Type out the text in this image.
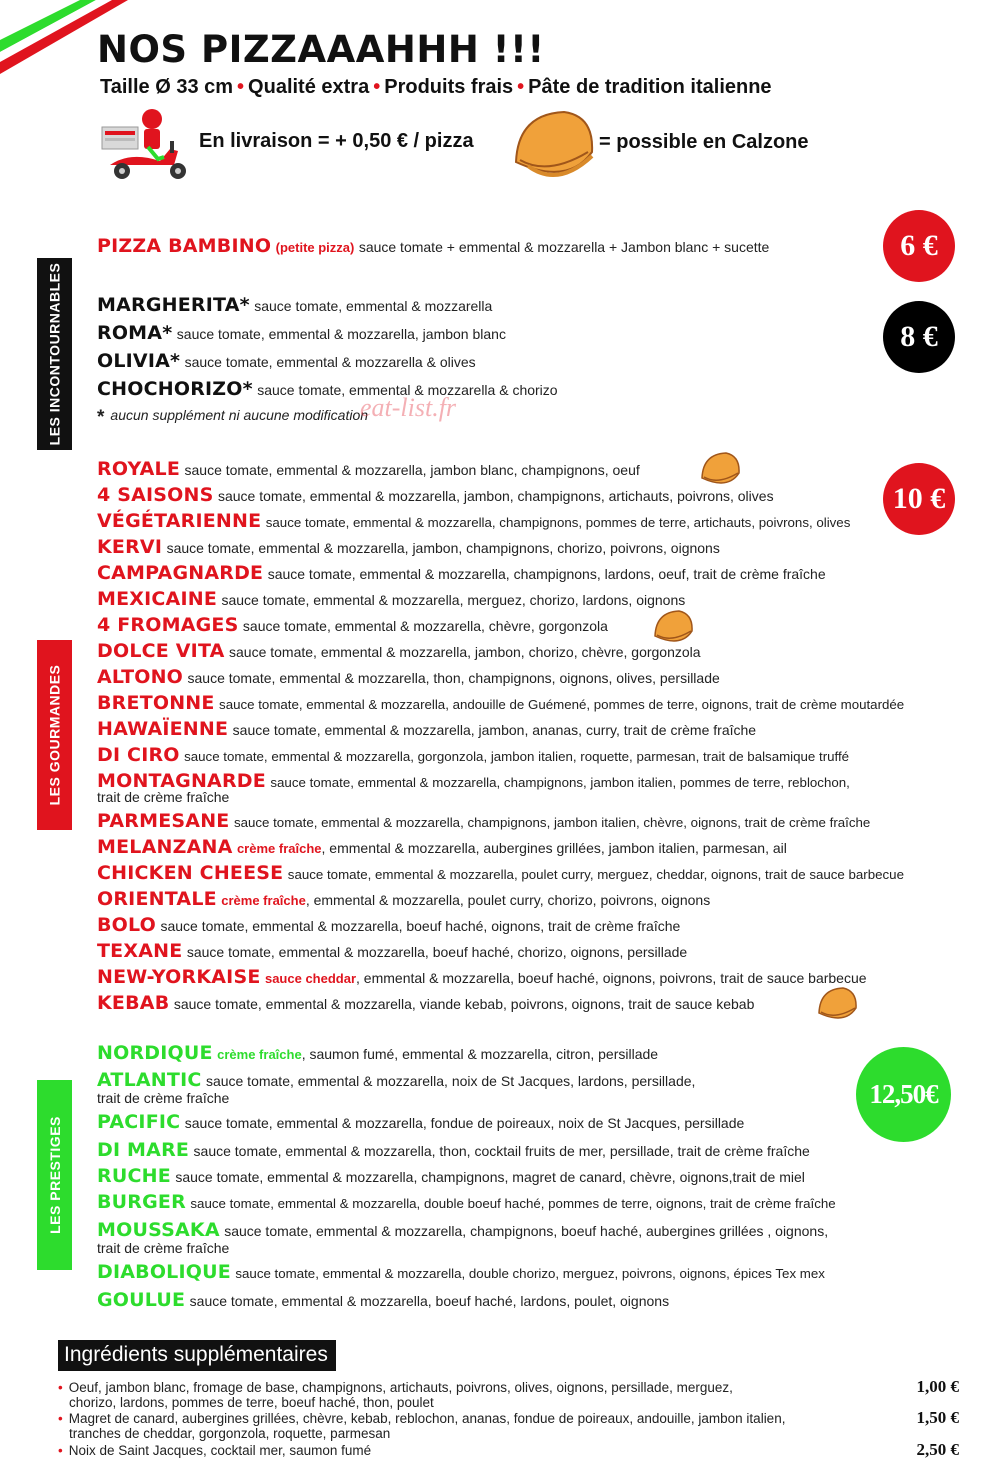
NOS PIZZAAAHHH !!!
Taille Ø 33 cm • Qualité extra • Produits frais • Pâte de tradition italienne
En livraison = + 0,50 € / pizza	= possible en Calzone
LES INCONTOURNABLES
LES GOURMANDES
LES PRESTIGES
6 €
8 €
10 €
12,50€
PIZZA BAMBINO (petite pizza) sauce tomate + emmental & mozzarella + Jambon blanc + sucette
MARGHERITA* sauce tomate, emmental & mozzarella
ROMA* sauce tomate, emmental & mozzarella, jambon blanc
OLIVIA* sauce tomate, emmental & mozzarella & olives
CHOCHORIZO* sauce tomate, emmental & mozzarella & chorizo
* aucun supplément ni aucune modification
eat-list.fr
ROYALE sauce tomate, emmental & mozzarella, jambon blanc, champignons, oeuf
4 SAISONS sauce tomate, emmental & mozzarella, jambon, champignons, artichauts, poivrons, olives
VÉGÉTARIENNE sauce tomate, emmental & mozzarella, champignons, pommes de terre, artichauts, poivrons, olives
KERVI sauce tomate, emmental & mozzarella, jambon, champignons, chorizo, poivrons, oignons
CAMPAGNARDE sauce tomate, emmental & mozzarella, champignons, lardons, oeuf, trait de crème fraîche
MEXICAINE sauce tomate, emmental & mozzarella, merguez, chorizo, lardons, oignons
4 FROMAGES sauce tomate, emmental & mozzarella, chèvre, gorgonzola
DOLCE VITA sauce tomate, emmental & mozzarella, jambon, chorizo, chèvre, gorgonzola
ALTONO sauce tomate, emmental & mozzarella, thon, champignons, oignons, olives, persillade
BRETONNE sauce tomate, emmental & mozzarella, andouille de Guémené, pommes de terre, oignons, trait de crème moutardée
HAWAÏENNE sauce tomate, emmental & mozzarella, jambon, ananas, curry, trait de crème fraîche
DI CIRO sauce tomate, emmental & mozzarella, gorgonzola, jambon italien, roquette, parmesan, trait de balsamique truffé
MONTAGNARDE sauce tomate, emmental & mozzarella, champignons, jambon italien, pommes de terre, reblochon,
trait de crème fraîche
PARMESANE sauce tomate, emmental & mozzarella, champignons, jambon italien, chèvre, oignons, trait de crème fraîche
MELANZANA crème fraîche, emmental & mozzarella, aubergines grillées, jambon italien, parmesan, ail
CHICKEN CHEESE sauce tomate, emmental & mozzarella, poulet curry, merguez, cheddar, oignons, trait de sauce barbecue
ORIENTALE crème fraîche, emmental & mozzarella, poulet curry, chorizo, poivrons, oignons
BOLO sauce tomate, emmental & mozzarella, boeuf haché, oignons, trait de crème fraîche
TEXANE sauce tomate, emmental & mozzarella, boeuf haché, chorizo, oignons, persillade
NEW-YORKAISE sauce cheddar, emmental & mozzarella, boeuf haché, oignons, poivrons, trait de sauce barbecue
KEBAB sauce tomate, emmental & mozzarella, viande kebab, poivrons, oignons, trait de sauce kebab
NORDIQUE crème fraîche, saumon fumé, emmental & mozzarella, citron, persillade
ATLANTIC sauce tomate, emmental & mozzarella, noix de St Jacques, lardons, persillade,
trait de crème fraîche
PACIFIC sauce tomate, emmental & mozzarella, fondue de poireaux, noix de St Jacques, persillade
DI MARE sauce tomate, emmental & mozzarella, thon, cocktail fruits de mer, persillade, trait de crème fraîche
RUCHE sauce tomate, emmental & mozzarella, champignons, magret de canard, chèvre, oignons,trait de miel
BURGER sauce tomate, emmental & mozzarella, double boeuf haché, pommes de terre, oignons, trait de crème fraîche
MOUSSAKA sauce tomate, emmental & mozzarella, champignons, boeuf haché, aubergines grillées , oignons,
trait de crème fraîche
DIABOLIQUE sauce tomate, emmental & mozzarella, double chorizo, merguez, poivrons, oignons, épices Tex mex
GOULUE sauce tomate, emmental & mozzarella, boeuf haché, lardons, poulet, oignons
Ingrédients supplémentaires
• Oeuf, jambon blanc, fromage de base, champignons, artichauts, poivrons, olives, oignons, persillade, merguez,
chorizo, lardons, pommes de terre, boeuf haché, thon, poulet
1,00 €
• Magret de canard, aubergines grillées, chèvre, kebab, reblochon, ananas, fondue de poireaux, andouille, jambon italien,
tranches de cheddar, gorgonzola, roquette, parmesan
1,50 €
• Noix de Saint Jacques, cocktail mer, saumon fumé	2,50 €
